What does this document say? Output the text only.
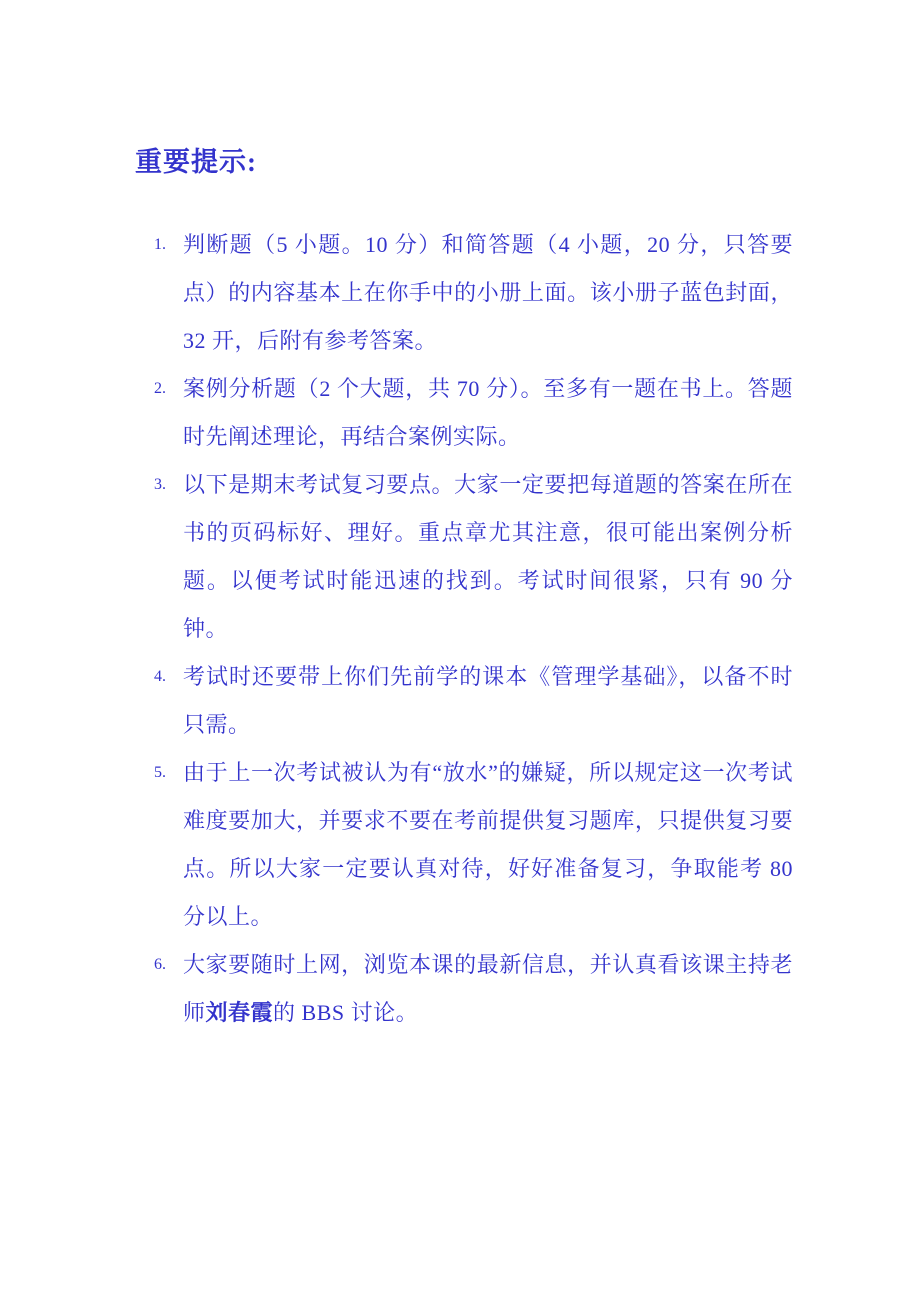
重要提示:
1. 判断题（5 小题。10 分）和简答题（4 小题，20 分，只答要点）的内容基本上在你手中的小册上面。该小册子蓝色封面，32 开，后附有参考答案。
2. 案例分析题（2 个大题，共 70 分）。至多有一题在书上。答题时先阐述理论，再结合案例实际。
3. 以下是期末考试复习要点。大家一定要把每道题的答案在所在书的页码标好、理好。重点章尤其注意，很可能出案例分析题。以便考试时能迅速的找到。考试时间很紧，只有 90 分钟。
4. 考试时还要带上你们先前学的课本《管理学基础》，以备不时只需。
5. 由于上一次考试被认为有“放水”的嫌疑，所以规定这一次考试难度要加大，并要求不要在考前提供复习题库，只提供复习要点。所以大家一定要认真对待，好好准备复习，争取能考 80 分以上。
6. 大家要随时上网，浏览本课的最新信息，并认真看该课主持老师刘春霞的 BBS 讨论。
